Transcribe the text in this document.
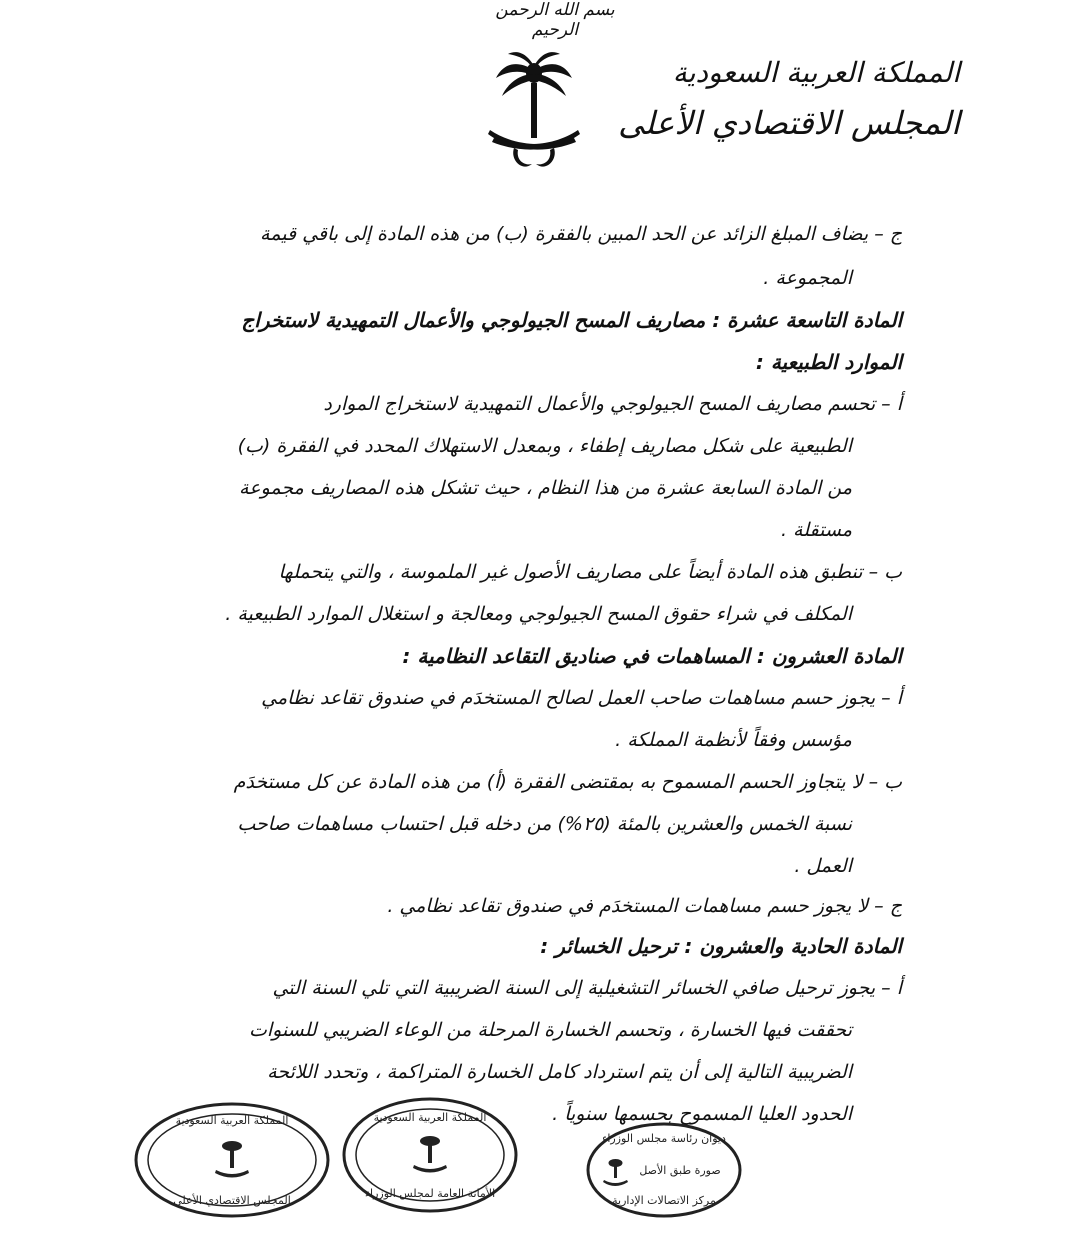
بسم الله الرحمن الرحيم
المملكة العربية السعودية
المجلس الاقتصادي الأعلى
ج – يضاف المبلغ الزائد عن الحد المبين بالفقرة (ب) من هذه المادة إلى باقي قيمة
المجموعة .
المادة التاسعة عشرة : مصاريف المسح الجيولوجي والأعمال التمهيدية لاستخراج
الموارد الطبيعية :
أ – تحسم مصاريف المسح الجيولوجي والأعمال التمهيدية لاستخراج الموارد
الطبيعية على شكل مصاريف إطفاء ، وبمعدل الاستهلاك المحدد في الفقرة (ب)
من المادة السابعة عشرة من هذا النظام ، حيث تشكل هذه المصاريف مجموعة
مستقلة .
ب – تنطبق هذه المادة أيضاً على مصاريف الأصول غير الملموسة ، والتي يتحملها
المكلف في شراء حقوق المسح الجيولوجي ومعالجة و استغلال الموارد الطبيعية .
المادة العشرون : المساهمات في صناديق التقاعد النظامية :
أ – يجوز حسم مساهمات صاحب العمل لصالح المستخدَم في صندوق تقاعد نظامي
مؤسس وفقاً لأنظمة المملكة .
ب – لا يتجاوز الحسم المسموح به بمقتضى الفقرة (أ) من هذه المادة عن كل مستخدَم
نسبة الخمس والعشرين بالمئة (٢٥%) من دخله قبل احتساب مساهمات صاحب
العمل .
ج – لا يجوز حسم مساهمات المستخدَم في صندوق تقاعد نظامي .
المادة الحادية والعشرون : ترحيل الخسائر :
أ – يجوز ترحيل صافي الخسائر التشغيلية إلى السنة الضريبية التي تلي السنة التي
تحققت فيها الخسارة ، وتحسم الخسارة المرحلة من الوعاء الضريبي للسنوات
الضريبية التالية إلى أن يتم استرداد كامل الخسارة المتراكمة ، وتحدد اللائحة
الحدود العليا المسموح بحسمها سنوياً .
المملكة العربية السعودية
المجلس الاقتصادي الأعلى
المملكة العربية السعودية
الأمانة العامة لمجلس الوزراء
ديوان رئاسة مجلس الوزراء
صورة طبق الأصل
مركز الاتصالات الإدارية
